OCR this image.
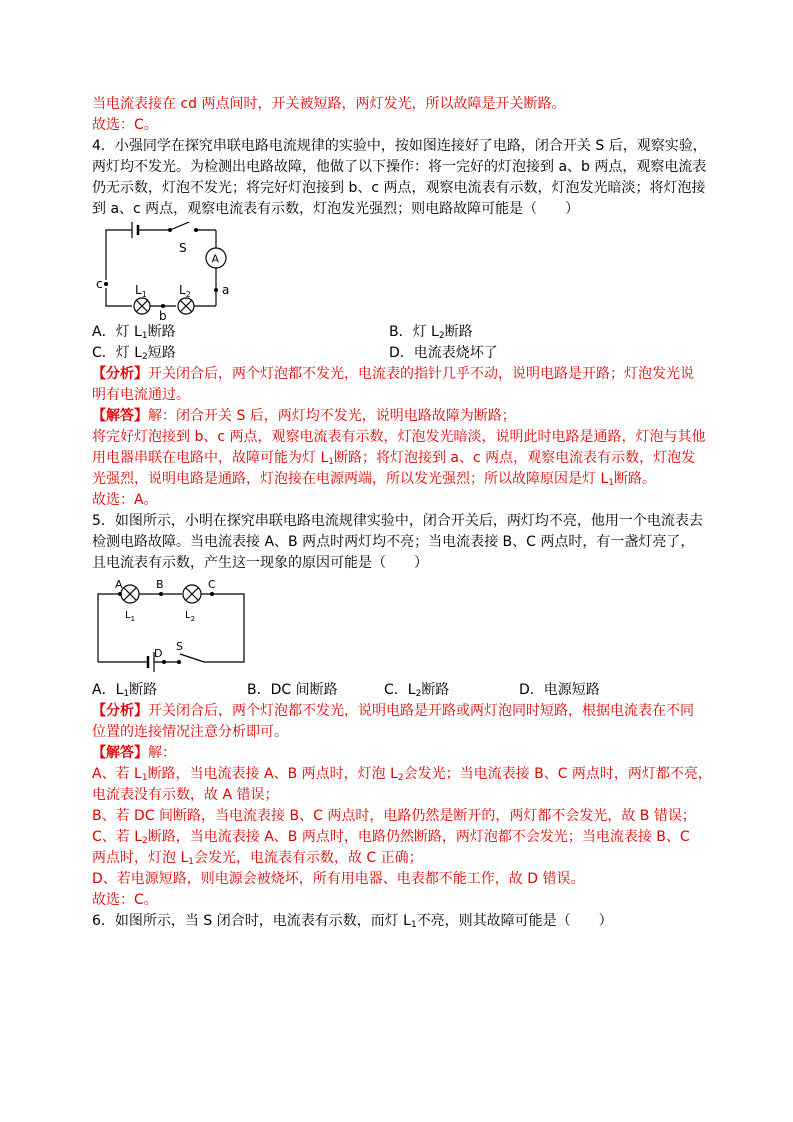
当电流表接在 cd 两点间时，开关被短路，两灯发光，所以故障是开关断路。
故选：C。
4．小强同学在探究串联电路电流规律的实验中，按如图连接好了电路，闭合开关 S 后，观察实验，
两灯均不发光。为检测出电路故障，他做了以下操作：将一完好的灯泡接到 a、b 两点，观察电流表
仍无示数，灯泡不发光；将完好灯泡接到 b、c 两点，观察电流表有示数，灯泡发光暗淡；将灯泡接
到 a、c 两点，观察电流表有示数，灯泡发光强烈；则电路故障可能是（　　）
S
A
c	a
b
$L_1$	$L_2$
A．灯 $L_1$断路	B．灯 $L_2$断路
C．灯 $L_2$短路	D．电流表烧坏了
【分析】开关闭合后，两个灯泡都不发光，电流表的指针几乎不动，说明电路是开路；灯泡发光说
明有电流通过。
【解答】解：闭合开关 S 后，两灯均不发光，说明电路故障为断路；
将完好灯泡接到 b、c 两点，观察电流表有示数，灯泡发光暗淡，说明此时电路是通路，灯泡与其他
用电器串联在电路中，故障可能为灯 $L_1$断路；将灯泡接到 a、c 两点，观察电流表有示数，灯泡发
光强烈，说明电路是通路，灯泡接在电源两端，所以发光强烈；所以故障原因是灯 $L_1$断路。
故选：A。
5．如图所示，小明在探究串联电路电流规律实验中，闭合开关后，两灯均不亮，他用一个电流表去
检测电路故障。当电流表接 A、B 两点时两灯均不亮；当电流表接 B、C 两点时，有一盏灯亮了，
且电流表有示数，产生这一现象的原因可能是（　　）
A	B	C
D
S
$L_1$	$L_2$
A．$L_1$断路	B．DC 间断路	C．$L_2$断路	D．电源短路
【分析】开关闭合后，两个灯泡都不发光，说明电路是开路或两灯泡同时短路，根据电流表在不同
位置的连接情况注意分析即可。
【解答】解：
A、若 $L_1$断路，当电流表接 A、B 两点时，灯泡 $L_2$会发光；当电流表接 B、C 两点时，两灯都不亮，
电流表没有示数，故 A 错误；
B、若 DC 间断路，当电流表接 B、C 两点时，电路仍然是断开的，两灯都不会发光，故 B 错误；
C、若 $L_2$断路，当电流表接 A、B 两点时，电路仍然断路，两灯泡都不会发光；当电流表接 B、C
两点时，灯泡 $L_1$会发光，电流表有示数，故 C 正确；
D、若电源短路，则电源会被烧坏，所有用电器、电表都不能工作，故 D 错误。
故选：C。
6．如图所示，当 S 闭合时，电流表有示数，而灯 $L_1$不亮，则其故障可能是（　　）
